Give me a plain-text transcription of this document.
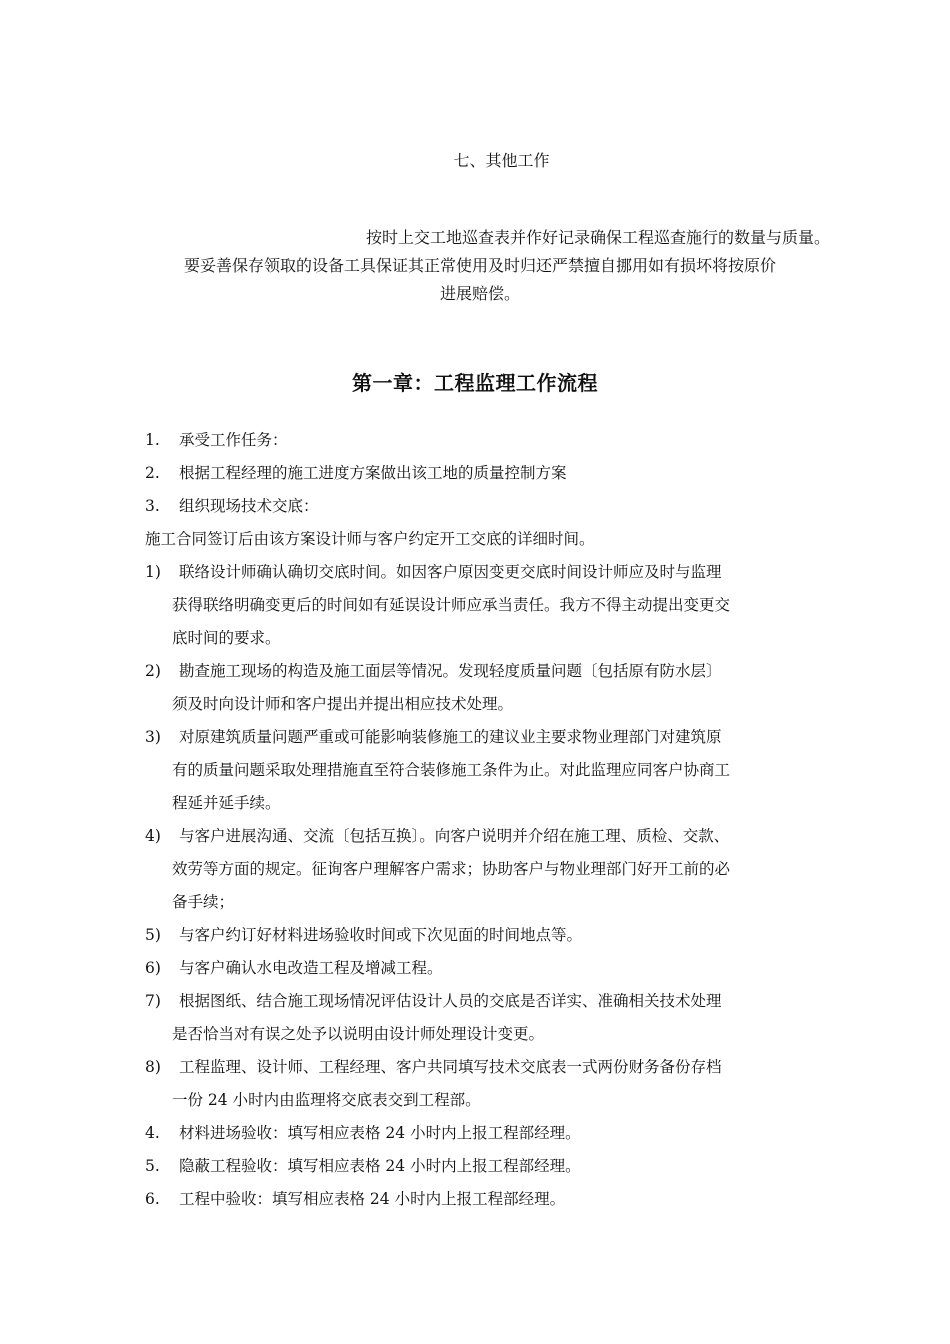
七、其他工作
按时上交工地巡查表并作好记录确保工程巡查施行的数量与质量。
要妥善保存领取的设备工具保证其正常使用及时归还严禁擅自挪用如有损坏将按原价
进展赔偿。
第一章：工程监理工作流程
1. 承受工作任务：
2. 根据工程经理的施工进度方案做出该工地的质量控制方案
3. 组织现场技术交底：
施工合同签订后由该方案设计师与客户约定开工交底的详细时间。
1) 联络设计师确认确切交底时间。如因客户原因变更交底时间设计师应及时与监理
获得联络明确变更后的时间如有延误设计师应承当责任。我方不得主动提出变更交
底时间的要求。
2) 勘查施工现场的构造及施工面层等情况。发现轻度质量问题〔包括原有防水层〕
须及时向设计师和客户提出并提出相应技术处理。
3) 对原建筑质量问题严重或可能影响装修施工的建议业主要求物业理部门对建筑原
有的质量问题采取处理措施直至符合装修施工条件为止。对此监理应同客户协商工
程延并延手续。
4) 与客户进展沟通、交流〔包括互换〕。向客户说明并介绍在施工理、质检、交款、
效劳等方面的规定。征询客户理解客户需求；协助客户与物业理部门好开工前的必
备手续；
5) 与客户约订好材料进场验收时间或下次见面的时间地点等。
6) 与客户确认水电改造工程及增减工程。
7) 根据图纸、结合施工现场情况评估设计人员的交底是否详实、准确相关技术处理
是否恰当对有误之处予以说明由设计师处理设计变更。
8) 工程监理、设计师、工程经理、客户共同填写技术交底表一式两份财务备份存档
一份 24 小时内由监理将交底表交到工程部。
4. 材料进场验收：填写相应表格 24 小时内上报工程部经理。
5. 隐蔽工程验收：填写相应表格 24 小时内上报工程部经理。
6. 工程中验收：填写相应表格 24 小时内上报工程部经理。
